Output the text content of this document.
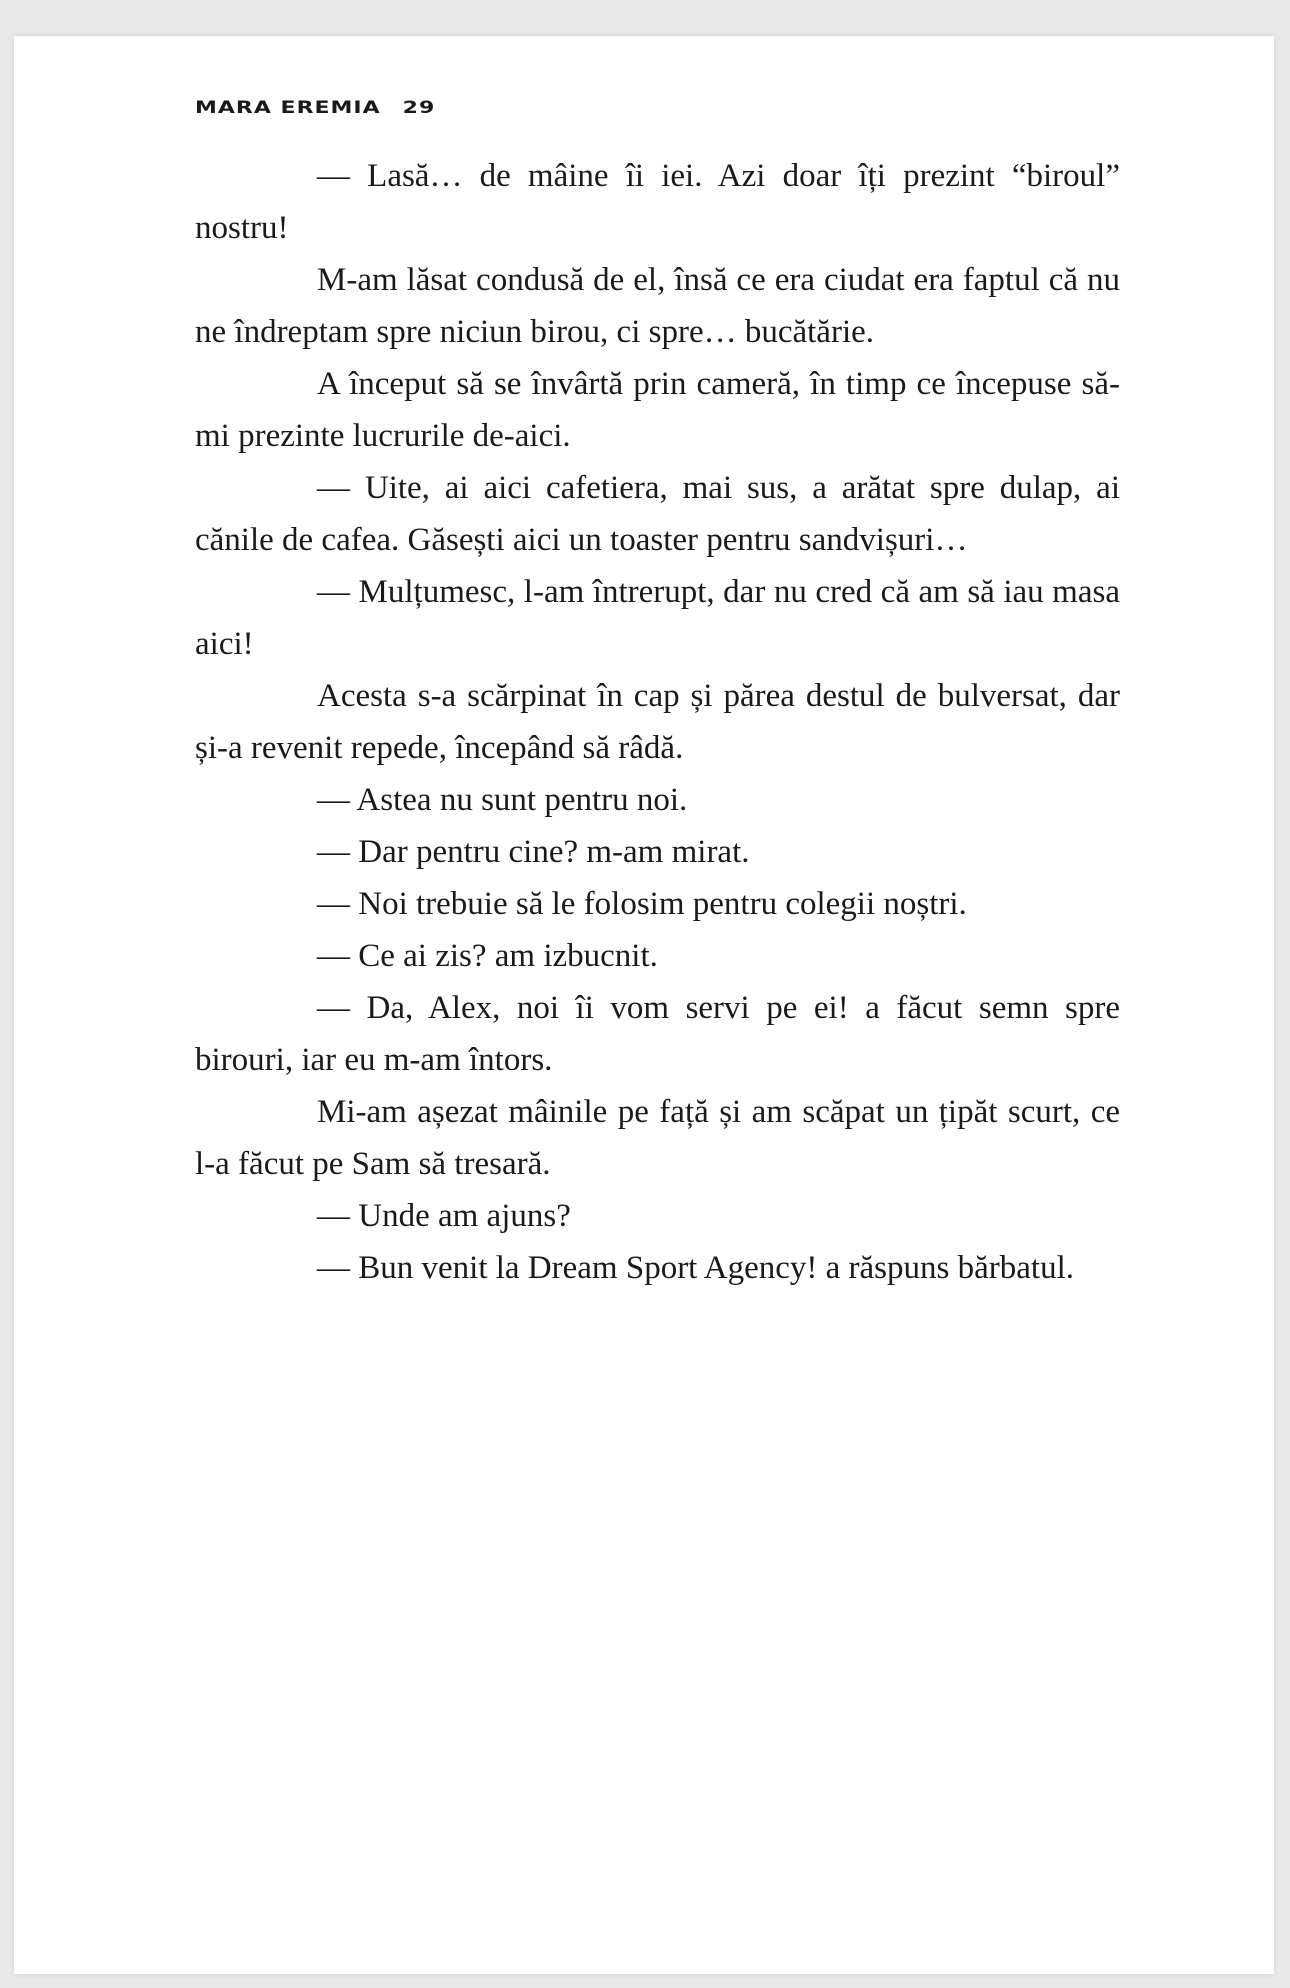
MARA EREMIA 29

— Lasă… de mâine îi iei. Azi doar îți prezint “biroul” nostru!

M-am lăsat condusă de el, însă ce era ciudat era faptul că nu ne îndreptam spre niciun birou, ci spre… bucătărie.

A început să se învârtă prin cameră, în timp ce începuse să-mi prezinte lucrurile de-aici.

— Uite, ai aici cafetiera, mai sus, a arătat spre dulap, ai cănile de cafea. Găsești aici un toaster pentru sandvișuri…

— Mulțumesc, l-am întrerupt, dar nu cred că am să iau masa aici!

Acesta s-a scărpinat în cap și părea destul de bulversat, dar și-a revenit repede, începând să râdă.

— Astea nu sunt pentru noi.

— Dar pentru cine? m-am mirat.

— Noi trebuie să le folosim pentru colegii noștri.

— Ce ai zis? am izbucnit.

— Da, Alex, noi îi vom servi pe ei! a făcut semn spre birouri, iar eu m-am întors.

Mi-am așezat mâinile pe față și am scăpat un țipăt scurt, ce l-a făcut pe Sam să tresară.

— Unde am ajuns?

— Bun venit la Dream Sport Agency! a răspuns bărbatul.
